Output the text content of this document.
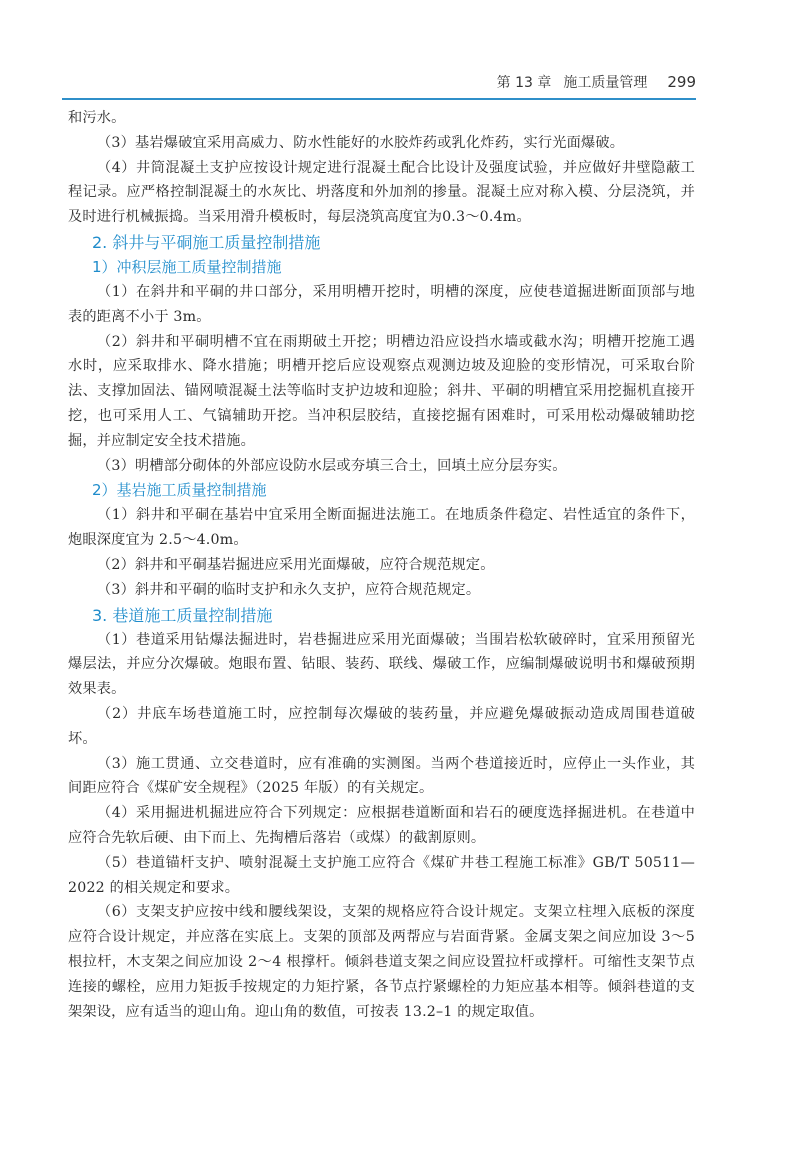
第 13 章 施工质量管理 299

和污水。

（3）基岩爆破宜采用高威力、防水性能好的水胶炸药或乳化炸药，实行光面爆破。

（4）井筒混凝土支护应按设计规定进行混凝土配合比设计及强度试验，并应做好井壁隐蔽工程记录。应严格控制混凝土的水灰比、坍落度和外加剂的掺量。混凝土应对称入模、分层浇筑，并及时进行机械振捣。当采用滑升模板时，每层浇筑高度宜为0.3～0.4m。

2. 斜井与平硐施工质量控制措施
1）冲积层施工质量控制措施

（1）在斜井和平硐的井口部分，采用明槽开挖时，明槽的深度，应使巷道掘进断面顶部与地表的距离不小于 3m。

（2）斜井和平硐明槽不宜在雨期破土开挖；明槽边沿应设挡水墙或截水沟；明槽开挖施工遇水时，应采取排水、降水措施；明槽开挖后应设观察点观测边坡及迎脸的变形情况，可采取台阶法、支撑加固法、锚网喷混凝土法等临时支护边坡和迎脸；斜井、平硐的明槽宜采用挖掘机直接开挖，也可采用人工、气镐辅助开挖。当冲积层胶结，直接挖掘有困难时，可采用松动爆破辅助挖掘，并应制定安全技术措施。

（3）明槽部分砌体的外部应设防水层或夯填三合土，回填土应分层夯实。

2）基岩施工质量控制措施

（1）斜井和平硐在基岩中宜采用全断面掘进法施工。在地质条件稳定、岩性适宜的条件下，炮眼深度宜为 2.5～4.0m。

（2）斜井和平硐基岩掘进应采用光面爆破，应符合规范规定。

（3）斜井和平硐的临时支护和永久支护，应符合规范规定。

3. 巷道施工质量控制措施

（1）巷道采用钻爆法掘进时，岩巷掘进应采用光面爆破；当围岩松软破碎时，宜采用预留光爆层法，并应分次爆破。炮眼布置、钻眼、装药、联线、爆破工作，应编制爆破说明书和爆破预期效果表。

（2）井底车场巷道施工时，应控制每次爆破的装药量，并应避免爆破振动造成周围巷道破坏。

（3）施工贯通、立交巷道时，应有准确的实测图。当两个巷道接近时，应停止一头作业，其间距应符合《煤矿安全规程》（2025 年版）的有关规定。

（4）采用掘进机掘进应符合下列规定：应根据巷道断面和岩石的硬度选择掘进机。在巷道中应符合先软后硬、由下而上、先掏槽后落岩（或煤）的截割原则。

（5）巷道锚杆支护、喷射混凝土支护施工应符合《煤矿井巷工程施工标准》GB/T 50511—2022 的相关规定和要求。

（6）支架支护应按中线和腰线架设，支架的规格应符合设计规定。支架立柱埋入底板的深度应符合设计规定，并应落在实底上。支架的顶部及两帮应与岩面背紧。金属支架之间应加设 3～5 根拉杆，木支架之间应加设 2～4 根撑杆。倾斜巷道支架之间应设置拉杆或撑杆。可缩性支架节点连接的螺栓，应用力矩扳手按规定的力矩拧紧，各节点拧紧螺栓的力矩应基本相等。倾斜巷道的支架架设，应有适当的迎山角。迎山角的数值，可按表 13.2–1 的规定取值。
